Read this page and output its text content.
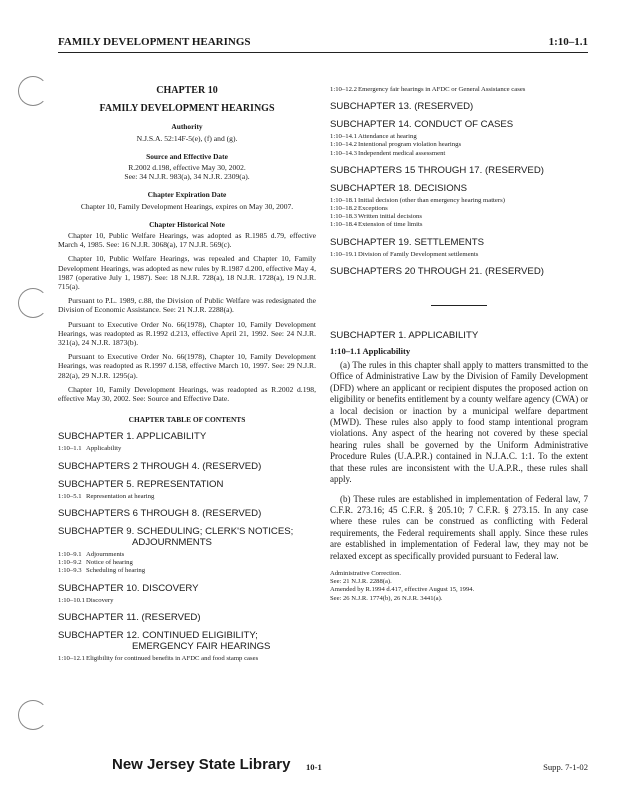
FAMILY DEVELOPMENT HEARINGS	1:10–1.1
CHAPTER 10
FAMILY DEVELOPMENT HEARINGS
Authority
N.J.S.A. 52:14F-5(e), (f) and (g).
Source and Effective Date
R.2002 d.198, effective May 30, 2002.
See: 34 N.J.R. 983(a), 34 N.J.R. 2309(a).
Chapter Expiration Date
Chapter 10, Family Development Hearings, expires on May 30, 2007.
Chapter Historical Note
Chapter 10, Public Welfare Hearings, was adopted as R.1985 d.79, effective March 4, 1985. See: 16 N.J.R. 3068(a), 17 N.J.R. 569(c).
Chapter 10, Public Welfare Hearings, was repealed and Chapter 10, Family Development Hearings, was adopted as new rules by R.1987 d.200, effective May 4, 1987 (operative July 1, 1987). See: 18 N.J.R. 728(a), 18 N.J.R. 1728(a), 19 N.J.R. 715(a).
Pursuant to P.L. 1989, c.88, the Division of Public Welfare was redesignated the Division of Economic Assistance. See: 21 N.J.R. 2288(a).
Pursuant to Executive Order No. 66(1978), Chapter 10, Family Development Hearings, was readopted as R.1992 d.213, effective April 21, 1992. See: 24 N.J.R. 321(a), 24 N.J.R. 1873(b).
Pursuant to Executive Order No. 66(1978), Chapter 10, Family Development Hearings, was readopted as R.1997 d.158, effective March 10, 1997. See: 29 N.J.R. 282(a), 29 N.J.R. 1295(a).
Chapter 10, Family Development Hearings, was readopted as R.2002 d.198, effective May 30, 2002. See: Source and Effective Date.
CHAPTER TABLE OF CONTENTS
SUBCHAPTER 1. APPLICABILITY
1:10–1.1 Applicability
SUBCHAPTERS 2 THROUGH 4. (RESERVED)
SUBCHAPTER 5. REPRESENTATION
1:10–5.1 Representation at hearing
SUBCHAPTERS 6 THROUGH 8. (RESERVED)
SUBCHAPTER 9. SCHEDULING; CLERK'S NOTICES; ADJOURNMENTS
1:10–9.1 Adjournments
1:10–9.2 Notice of hearing
1:10–9.3 Scheduling of hearing
SUBCHAPTER 10. DISCOVERY
1:10–10.1 Discovery
SUBCHAPTER 11. (RESERVED)
SUBCHAPTER 12. CONTINUED ELIGIBILITY; EMERGENCY FAIR HEARINGS
1:10–12.1 Eligibility for continued benefits in AFDC and food stamp cases
1:10–12.2 Emergency fair hearings in AFDC or General Assistance cases
SUBCHAPTER 13. (RESERVED)
SUBCHAPTER 14. CONDUCT OF CASES
1:10–14.1 Attendance at hearing
1:10–14.2 Intentional program violation hearings
1:10–14.3 Independent medical assessment
SUBCHAPTERS 15 THROUGH 17. (RESERVED)
SUBCHAPTER 18. DECISIONS
1:10–18.1 Initial decision (other than emergency hearing matters)
1:10–18.2 Exceptions
1:10–18.3 Written initial decisions
1:10–18.4 Extension of time limits
SUBCHAPTER 19. SETTLEMENTS
1:10–19.1 Division of Family Development settlements
SUBCHAPTERS 20 THROUGH 21. (RESERVED)
SUBCHAPTER 1. APPLICABILITY
1:10–1.1 Applicability
(a) The rules in this chapter shall apply to matters transmitted to the Office of Administrative Law by the Division of Family Development (DFD) where an applicant or recipient disputes the proposed action on eligibility or benefits entitlement by a county welfare agency (CWA) or a local decision or inaction by a municipal welfare department (MWD). These rules also apply to food stamp intentional program violations. Any aspect of the hearing not covered by these special hearing rules shall be governed by the Uniform Administrative Procedure Rules (U.A.P.R.) contained in N.J.A.C. 1:1. To the extent that these rules are inconsistent with the U.A.P.R., these rules shall apply.
(b) These rules are established in implementation of Federal law, 7 C.F.R. 273.16; 45 C.F.R. § 205.10; 7 C.F.R. § 273.15. In any case where these rules can be construed as conflicting with Federal requirements, the Federal requirements shall apply. Since these rules are established in implementation of Federal law, they may not be relaxed except as specifically provided pursuant to Federal law.
Administrative Correction.
See: 21 N.J.R. 2288(a).
Amended by R.1994 d.417, effective August 15, 1994.
See: 26 N.J.R. 1774(b), 26 N.J.R. 3441(a).
New Jersey State Library 10-1	Supp. 7-1-02
